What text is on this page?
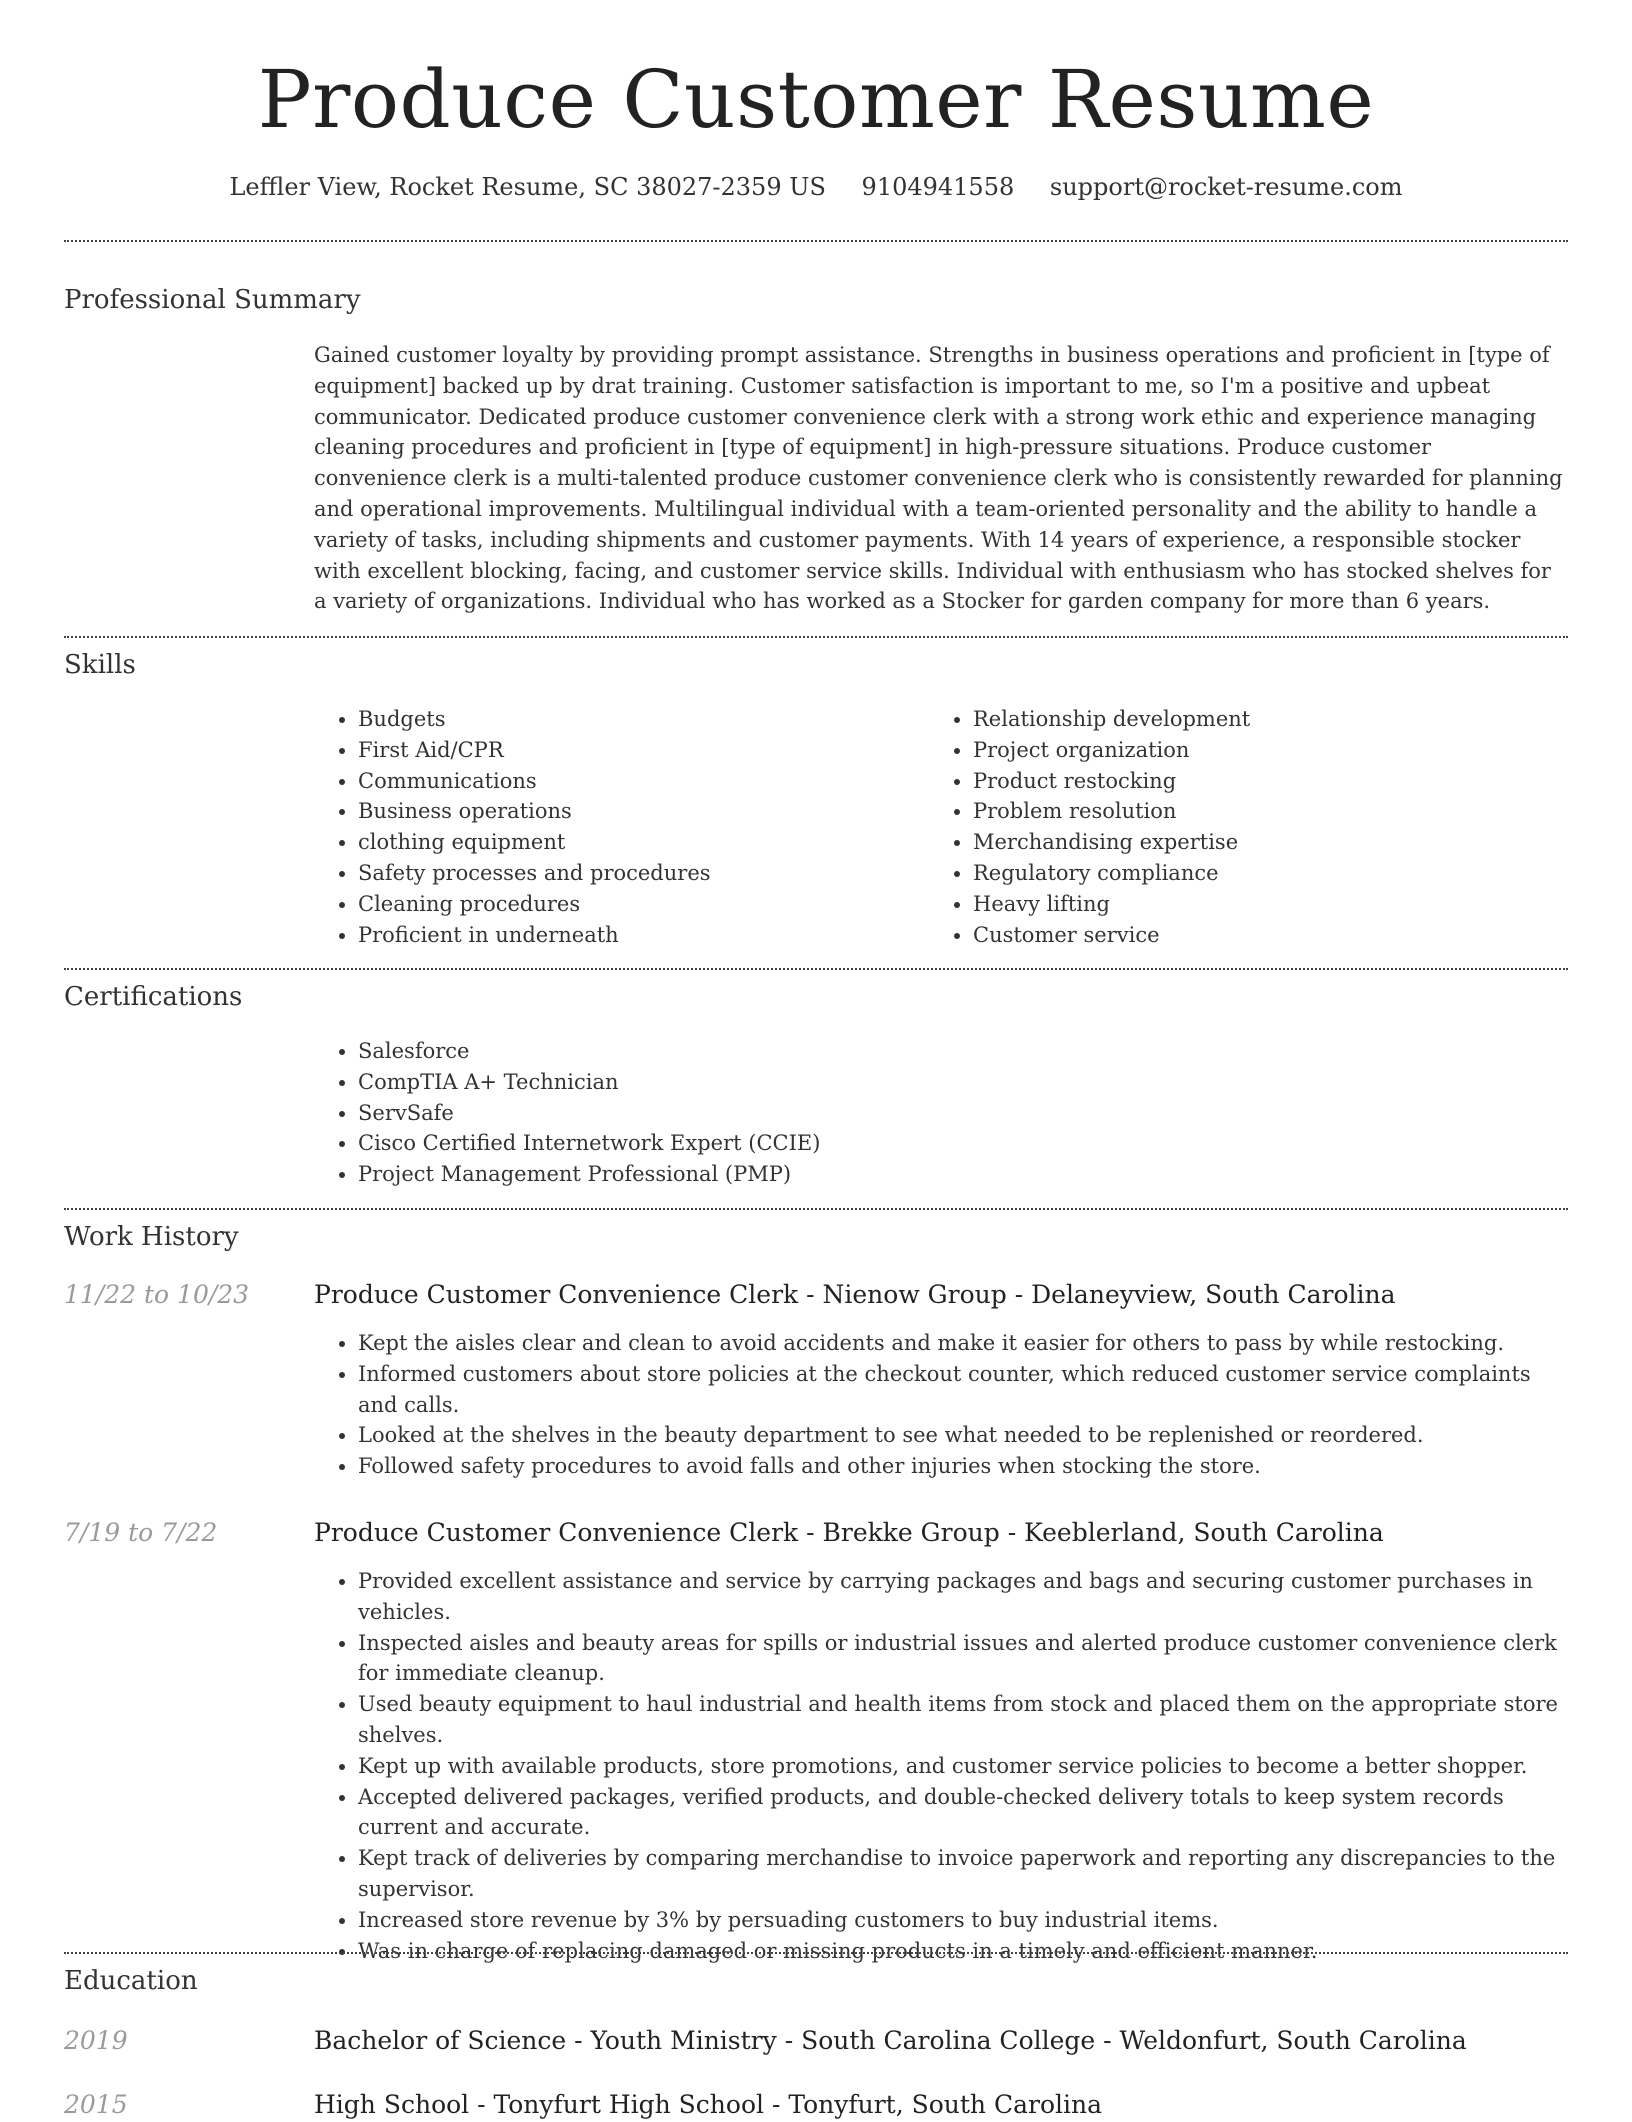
Produce Customer Resume
Leffler View, Rocket Resume, SC 38027-2359 US 9104941558 support@rocket-resume.com
Professional Summary

Gained customer loyalty by providing prompt assistance. Strengths in business operations and proficient in [type of equipment] backed up by drat training. Customer satisfaction is important to me, so I'm a positive and upbeat communicator. Dedicated produce customer convenience clerk with a strong work ethic and experience managing cleaning procedures and proficient in [type of equipment] in high-pressure situations. Produce customer convenience clerk is a multi-talented produce customer convenience clerk who is consistently rewarded for planning and operational improvements. Multilingual individual with a team-oriented personality and the ability to handle a variety of tasks, including shipments and customer payments. With 14 years of experience, a responsible stocker with excellent blocking, facing, and customer service skills. Individual with enthusiasm who has stocked shelves for a variety of organizations. Individual who has worked as a Stocker for garden company for more than 6 years.

Skills
• Budgets
• First Aid/CPR
• Communications
• Business operations
• clothing equipment
• Safety processes and procedures
• Cleaning procedures
• Proficient in underneath
• Relationship development
• Project organization
• Product restocking
• Problem resolution
• Merchandising expertise
• Regulatory compliance
• Heavy lifting
• Customer service
Certifications
• Salesforce
• CompTIA A+ Technician
• ServSafe
• Cisco Certified Internetwork Expert (CCIE)
• Project Management Professional (PMP)
Work History
11/22 to 10/23	Produce Customer Convenience Clerk - Nienow Group - Delaneyview, South Carolina
• Kept the aisles clear and clean to avoid accidents and make it easier for others to pass by while restocking.
• Informed customers about store policies at the checkout counter, which reduced customer service complaints and calls.
• Looked at the shelves in the beauty department to see what needed to be replenished or reordered.
• Followed safety procedures to avoid falls and other injuries when stocking the store.
7/19 to 7/22	Produce Customer Convenience Clerk - Brekke Group - Keeblerland, South Carolina
• Provided excellent assistance and service by carrying packages and bags and securing customer purchases in vehicles.
• Inspected aisles and beauty areas for spills or industrial issues and alerted produce customer convenience clerk for immediate cleanup.
• Used beauty equipment to haul industrial and health items from stock and placed them on the appropriate store shelves.
• Kept up with available products, store promotions, and customer service policies to become a better shopper.
• Accepted delivered packages, verified products, and double-checked delivery totals to keep system records current and accurate.
• Kept track of deliveries by comparing merchandise to invoice paperwork and reporting any discrepancies to the supervisor.
• Increased store revenue by 3% by persuading customers to buy industrial items.
• Was in charge of replacing damaged or missing products in a timely and efficient manner.
Education
2019	Bachelor of Science - Youth Ministry - South Carolina College - Weldonfurt, South Carolina
2015	High School - Tonyfurt High School - Tonyfurt, South Carolina
